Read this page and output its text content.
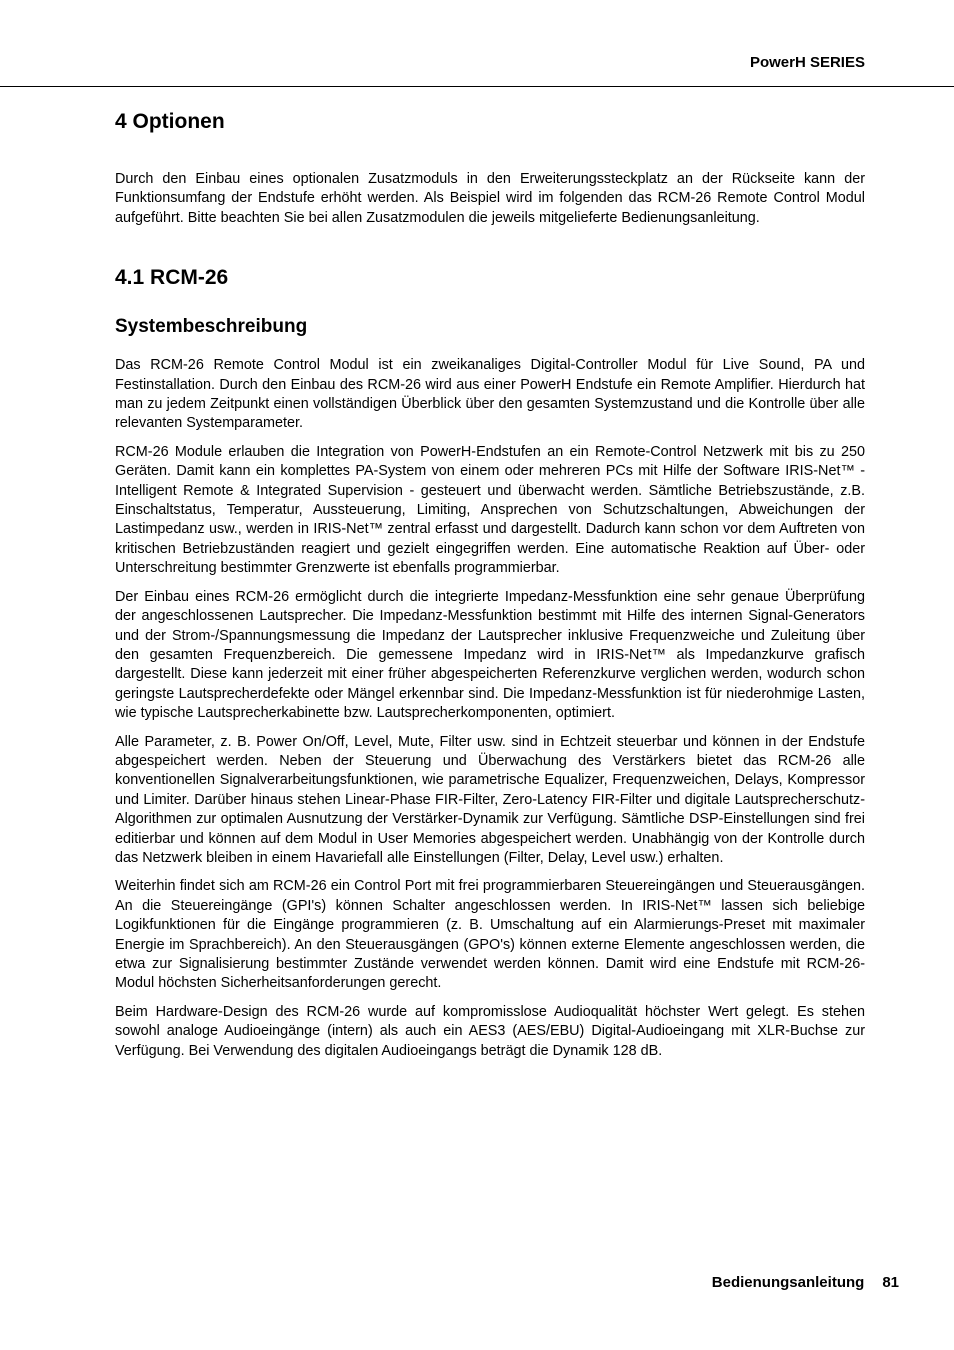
PowerH SERIES
4 Optionen

Durch den Einbau eines optionalen Zusatzmoduls in den Erweiterungssteckplatz an der Rückseite kann der Funktionsumfang der Endstufe erhöht werden. Als Beispiel wird im folgenden das RCM-26 Remote Control Modul aufgeführt. Bitte beachten Sie bei allen Zusatzmodulen die jeweils mitgelieferte Bedienungsanleitung.

4.1 RCM-26
Systembeschreibung

Das RCM-26 Remote Control Modul ist ein zweikanaliges Digital-Controller Modul für Live Sound, PA und Festinstallation. Durch den Einbau des RCM-26 wird aus einer PowerH Endstufe ein Remote Amplifier. Hierdurch hat man zu jedem Zeitpunkt einen vollständigen Überblick über den gesamten Systemzustand und die Kontrolle über alle relevanten Systemparameter.

RCM-26 Module erlauben die Integration von PowerH-Endstufen an ein Remote-Control Netzwerk mit bis zu 250 Geräten. Damit kann ein komplettes PA-System von einem oder mehreren PCs mit Hilfe der Software IRIS-Net™ - Intelligent Remote & Integrated Supervision - gesteuert und überwacht werden. Sämtliche Betriebszustände, z.B. Einschaltstatus, Temperatur, Aussteuerung, Limiting, Ansprechen von Schutzschaltungen, Abweichungen der Lastimpedanz usw., werden in IRIS-Net™ zentral erfasst und dargestellt. Dadurch kann schon vor dem Auftreten von kritischen Betriebzuständen reagiert und gezielt eingegriffen werden. Eine automatische Reaktion auf Über- oder Unterschreitung bestimmter Grenzwerte ist ebenfalls programmierbar.

Der Einbau eines RCM-26 ermöglicht durch die integrierte Impedanz-Messfunktion eine sehr genaue Überprüfung der angeschlossenen Lautsprecher. Die Impedanz-Messfunktion bestimmt mit Hilfe des internen Signal-Generators und der Strom-/Spannungsmessung die Impedanz der Lautsprecher inklusive Frequenzweiche und Zuleitung über den gesamten Frequenzbereich. Die gemessene Impedanz wird in IRIS-Net™ als Impedanzkurve grafisch dargestellt. Diese kann jederzeit mit einer früher abgespeicherten Referenzkurve verglichen werden, wodurch schon geringste Lautsprecherdefekte oder Mängel erkennbar sind. Die Impedanz-Messfunktion ist für niederohmige Lasten, wie typische Lautsprecherkabinette bzw. Lautsprecherkomponenten, optimiert.

Alle Parameter, z. B. Power On/Off, Level, Mute, Filter usw. sind in Echtzeit steuerbar und können in der Endstufe abgespeichert werden. Neben der Steuerung und Überwachung des Verstärkers bietet das RCM-26 alle konventionellen Signalverarbeitungsfunktionen, wie parametrische Equalizer, Frequenzweichen, Delays, Kompressor und Limiter. Darüber hinaus stehen Linear-Phase FIR-Filter, Zero-Latency FIR-Filter und digitale Lautsprecherschutz-Algorithmen zur optimalen Ausnutzung der Verstärker-Dynamik zur Verfügung. Sämtliche DSP-Einstellungen sind frei editierbar und können auf dem Modul in User Memories abgespeichert werden. Unabhängig von der Kontrolle durch das Netzwerk bleiben in einem Havariefall alle Einstellungen (Filter, Delay, Level usw.) erhalten.

Weiterhin findet sich am RCM-26 ein Control Port mit frei programmierbaren Steuereingängen und Steuerausgängen. An die Steuereingänge (GPI's) können Schalter angeschlossen werden. In IRIS-Net™ lassen sich beliebige Logikfunktionen für die Eingänge programmieren (z. B. Umschaltung auf ein Alarmierungs-Preset mit maximaler Energie im Sprachbereich). An den Steuerausgängen (GPO's) können externe Elemente angeschlossen werden, die etwa zur Signalisierung bestimmter Zustände verwendet werden können. Damit wird eine Endstufe mit RCM-26-Modul höchsten Sicherheitsanforderungen gerecht.

Beim Hardware-Design des RCM-26 wurde auf kompromisslose Audioqualität höchster Wert gelegt. Es stehen sowohl analoge Audioeingänge (intern) als auch ein AES3 (AES/EBU) Digital-Audioeingang mit XLR-Buchse zur Verfügung. Bei Verwendung des digitalen Audioeingangs beträgt die Dynamik 128 dB.

Bedienungsanleitung 81
